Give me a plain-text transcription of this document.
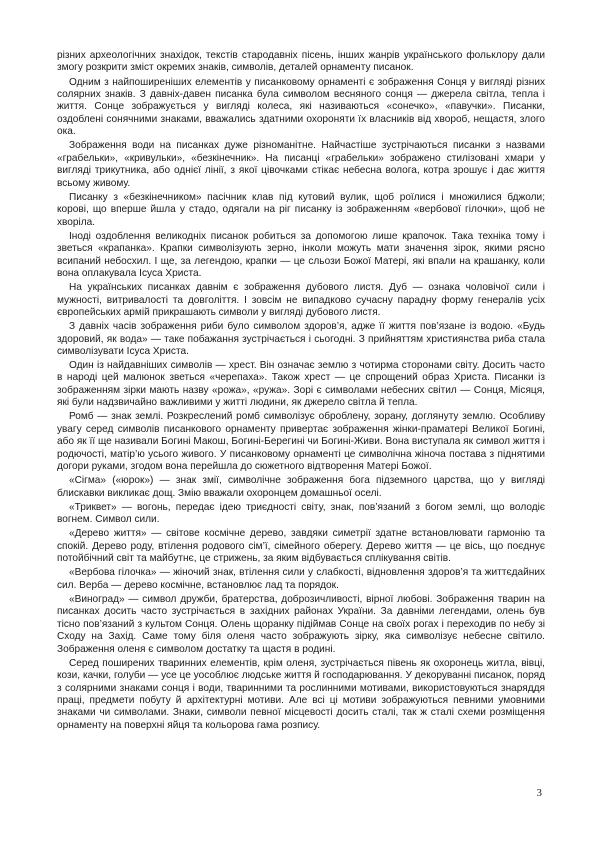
різних археологічних знахідок, текстів стародавніх пісень, інших жанрів українського фольклору дали змогу розкрити зміст окремих знаків, символів, деталей орнаменту писанок.

Одним з найпоширеніших елементів у писанковому орнаменті є зображення Сонця у вигляді різних солярних знаків. З давніх-давен писанка була символом весняного сонця — джерела світла, тепла і життя. Сонце зображується у вигляді колеса, які називаються «сонечко», «павучки». Писанки, оздоблені сонячними знаками, вважались здатними охороняти їх власників від хвороб, нещастя, злого ока.

Зображення води на писанках дуже різноманітне. Найчастіше зустрічаються писанки з назвами «грабельки», «кривульки», «безкінечник». На писанці «грабельки» зображено стилізовані хмари у вигляді трикутника, або однієї лінії, з якої цівочками стікає небесна волога, котра зрошує і дає життя всьому живому.

Писанку з «безкінечником» пасічник клав під кутовий вулик, щоб роїлися і множилися бджоли; корові, що вперше йшла у стадо, одягали на ріг писанку із зображенням «вербової гілочки», щоб не хворіла.

Іноді оздоблення великодніх писанок робиться за допомогою лише крапочок. Така техніка тому і зветься «крапанка». Крапки символізують зерно, інколи можуть мати значення зірок, якими рясно всипаний небосхил. І ще, за легендою, крапки — це сльози Божої Матері, які впали на крашанку, коли вона оплакувала Ісуса Христа.

На українських писанках давнім є зображення дубового листя. Дуб — ознака чоловічої сили і мужності, витривалості та довголіття. І зовсім не випадково сучасну парадну форму генералів усіх європейських армій прикрашають символи у вигляді дубового листя.

З давніх часів зображення риби було символом здоров’я, адже її життя пов’язане із водою. «Будь здоровий, як вода» — таке побажання зустрічається і сьогодні. З прийняттям християнства риба стала символізувати Ісуса Христа.

Один із найдавніших символів — хрест. Він означає землю з чотирма сторонами світу. Досить часто в народі цей малюнок зветься «черепаха». Також хрест — це спрощений образ Христа. Писанки із зображенням зірки мають назву «рожа», «ружа». Зорі є символами небесних світил — Сонця, Місяця, які були надзвичайно важливими у житті людини, як джерело світла й тепла.

Ромб — знак землі. Розкреслений ромб символізує оброблену, зорану, доглянуту землю. Особливу увагу серед символів писанкового орнаменту привертає зображення жінки-праматері Великої Богині, або як її ще називали Богині Макош, Богині-Берегині чи Богині-Живи. Вона виступала як символ життя і родючості, матір’ю усього живого. У писанковому орнаменті це символічна жіноча постава з піднятими догори руками, згодом вона перейшла до сюжетного відтворення Матері Божої.

«Сігма» («юрок») — знак змії, символічне зображення бога підземного царства, що у вигляді блискавки викликає дощ. Змію вважали охоронцем домашньої оселі.

«Триквет» — вогонь, передає ідею триєдності світу, знак, пов’язаний з богом землі, що володіє вогнем. Символ сили.

«Дерево життя» — світове космічне дерево, завдяки симетрії здатне встановлювати гармонію та спокій. Дерево роду, втілення родового сім’ї, сімейного оберегу. Дерево життя — це вісь, що поєднує потойбічний світ та майбутнє, це стрижень, за яким відбувається сплікування світів.

«Вербова гілочка» — жіночий знак, втілення сили у слабкості, відновлення здоров’я та життєдайних сил. Верба — дерево космічне, встановлює лад та порядок.

«Виноград» — символ дружби, братерства, доброзичливості, вірної любові. Зображення тварин на писанках досить часто зустрічається в західних районах України. За давніми легендами, олень був тісно пов’язаний з культом Сонця. Олень щоранку підіймав Сонце на своїх рогах і переходив по небу зі Сходу на Захід. Саме тому біля оленя часто зображують зірку, яка символізує небесне світило. Зображення оленя є символом достатку та щастя в родині.

Серед поширених тваринних елементів, крім оленя, зустрічається півень як охоронець житла, вівці, кози, качки, голуби — усе це уособлює людське життя й господарювання. У декоруванні писанок, поряд з солярними знаками сонця і води, тваринними та рослинними мотивами, використовуються знаряддя праці, предмети побуту й архітектурні мотиви. Але всі ці мотиви зображуються певними умовними знаками чи символами. Знаки, символи певної місцевості досить сталі, так ж сталі схеми розміщення орнаменту на поверхні яйця та кольорова гама розпису.

3
